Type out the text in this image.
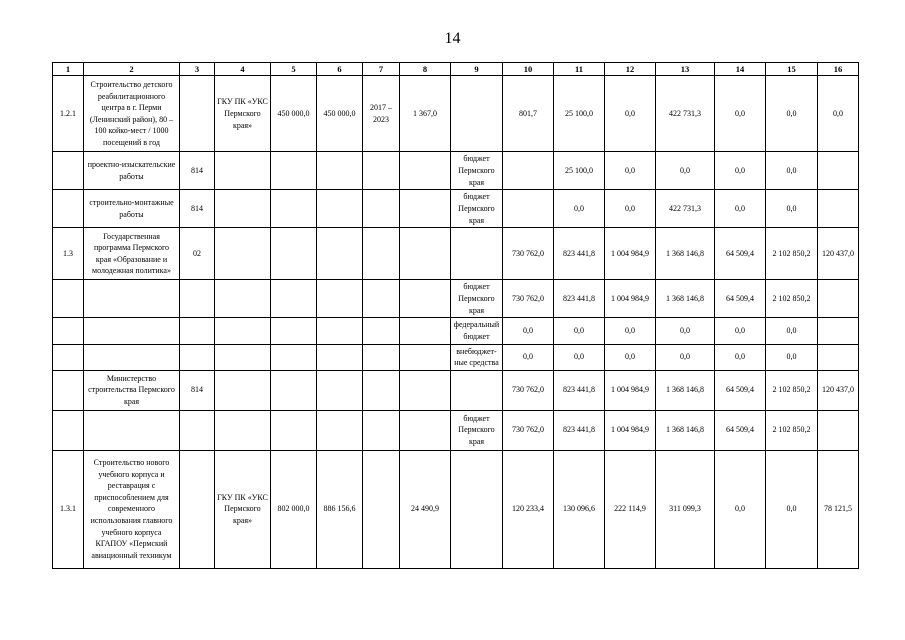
14
1	2	3	4	5	6	7	8	9	10	11	12	13	14	15	16
1.2.1	Строительство детского реабилитационного центра в г. Перми (Ленинский район), 80 – 100 койко-мест / 1000 посещений в год		ГКУ ПК «УКС Пермского края»	450 000,0	450 000,0	2017 – 2023	1 367,0		801,7	25 100,0	0,0	422 731,3	0,0	0,0	0,0
	проектно-изыскательские работы	814						бюджет Пермского края		25 100,0	0,0	0,0	0,0	0,0	
	строительно-монтажные работы	814						бюджет Пермского края		0,0	0,0	422 731,3	0,0	0,0	
1.3	Государственная программа Пермского края «Образование и молодежная политика»	02							730 762,0	823 441,8	1 004 984,9	1 368 146,8	64 509,4	2 102 850,2	120 437,0
								бюджет Пермского края	730 762,0	823 441,8	1 004 984,9	1 368 146,8	64 509,4	2 102 850,2	
								федеральный бюджет	0,0	0,0	0,0	0,0	0,0	0,0	
								внебюджет-ные средства	0,0	0,0	0,0	0,0	0,0	0,0	
	Министерство строительства Пермского края	814							730 762,0	823 441,8	1 004 984,9	1 368 146,8	64 509,4	2 102 850,2	120 437,0
								бюджет Пермского края	730 762,0	823 441,8	1 004 984,9	1 368 146,8	64 509,4	2 102 850,2	
1.3.1	Строительство нового учебного корпуса и реставрация с приспособлением для современного использования главного учебного корпуса КГАПОУ «Пермский авиационный техникум		ГКУ ПК «УКС Пермского края»	802 000,0	886 156,6		24 490,9		120 233,4	130 096,6	222 114,9	311 099,3	0,0	0,0	78 121,5
